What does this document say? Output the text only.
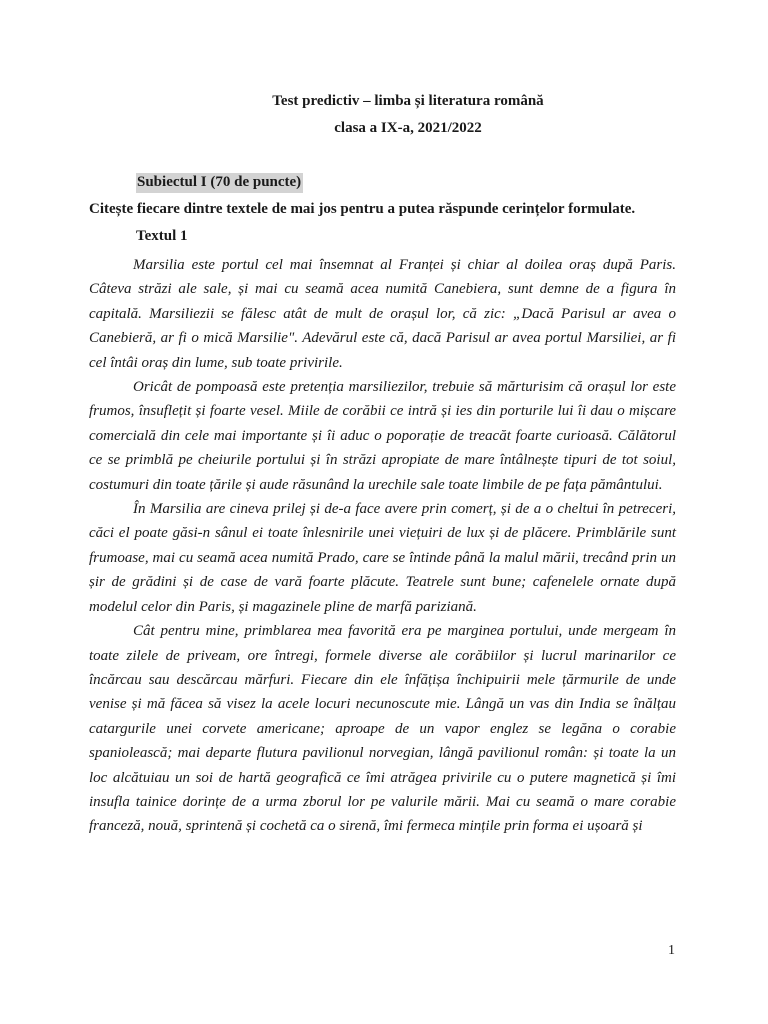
Test predictiv – limba și literatura română
clasa a IX-a, 2021/2022
Subiectul I (70 de puncte)
Citește fiecare dintre textele de mai jos pentru a putea răspunde cerințelor formulate.
Textul 1

Marsilia este portul cel mai însemnat al Franței și chiar al doilea oraș după Paris. Câteva străzi ale sale, și mai cu seamă acea numită Canebiera, sunt demne de a figura în capitală. Marsiliezii se fălesc atât de mult de orașul lor, că zic: „Dacă Parisul ar avea o Canebieră, ar fi o mică Marsilie". Adevărul este că, dacă Parisul ar avea portul Marsiliei, ar fi cel întâi oraș din lume, sub toate privirile.

Oricât de pompoasă este pretenția marsiliezilor, trebuie să mărturisim că orașul lor este frumos, însuflețit și foarte vesel. Miile de corăbii ce intră și ies din porturile lui îi dau o mișcare comercială din cele mai importante și îi aduc o poporație de treacăt foarte curioasă. Călătorul ce se primblă pe cheiurile portului și în străzi apropiate de mare întâlnește tipuri de tot soiul, costumuri din toate țările și aude răsunând la urechile sale toate limbile de pe fața pământului.

În Marsilia are cineva prilej și de-a face avere prin comerț, și de a o cheltui în petreceri, căci el poate găsi-n sânul ei toate înlesnirile unei viețuiri de lux și de plăcere. Primblările sunt frumoase, mai cu seamă acea numită Prado, care se întinde până la malul mării, trecând prin un șir de grădini și de case de vară foarte plăcute. Teatrele sunt bune; cafenelele ornate după modelul celor din Paris, și magazinele pline de marfă pariziană.

Cât pentru mine, primblarea mea favorită era pe marginea portului, unde mergeam în toate zilele de priveam, ore întregi, formele diverse ale corăbiilor și lucrul marinarilor ce încărcau sau descărcau mărfuri. Fiecare din ele înfățișa închipuirii mele țărmurile de unde venise și mă făcea să visez la acele locuri necunoscute mie. Lângă un vas din India se înălțau catargurile unei corvete americane; aproape de un vapor englez se legăna o corabie spaniolească; mai departe flutura pavilionul norvegian, lângă pavilionul român: și toate la un loc alcătuiau un soi de hartă geografică ce îmi atrăgea privirile cu o putere magnetică și îmi insufla tainice dorințe de a urma zborul lor pe valurile mării. Mai cu seamă o mare corabie franceză, nouă, sprintenă și cochetă ca o sirenă, îmi fermeca mințile prin forma ei ușoară și

1
